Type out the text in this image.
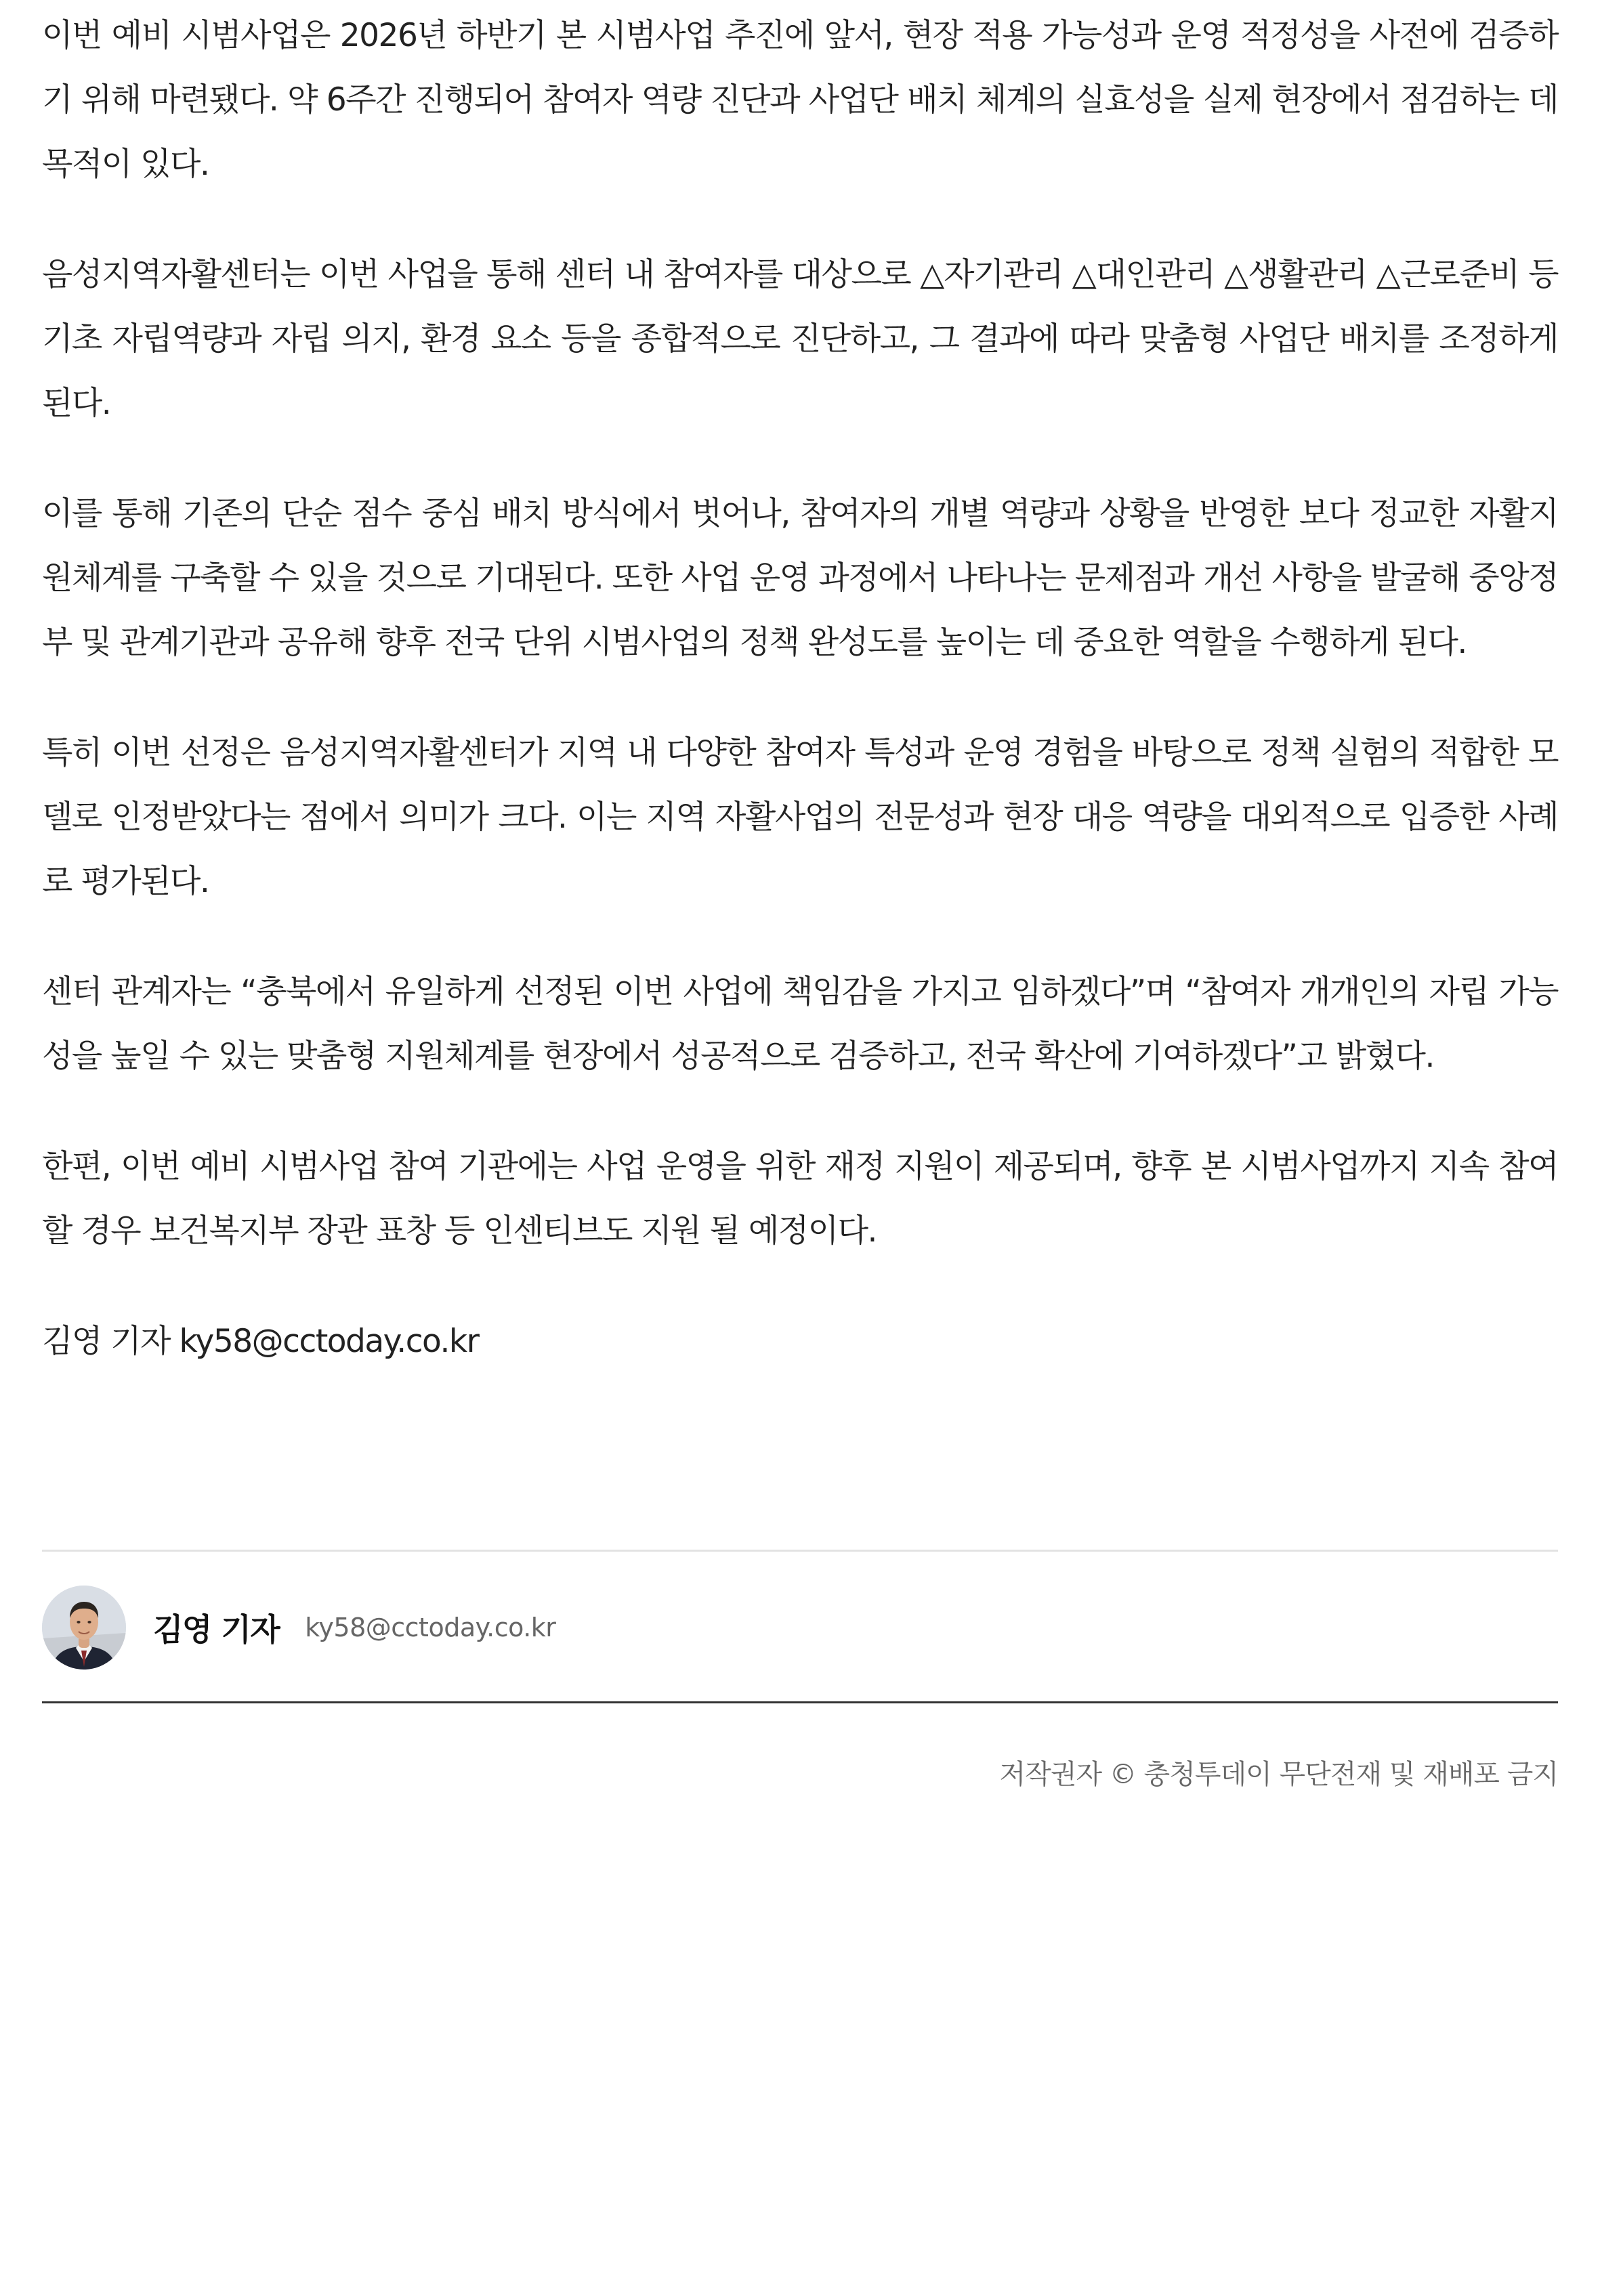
이번 예비 시범사업은 2026년 하반기 본 시범사업 추진에 앞서, 현장 적용 가능성과 운영 적정성을 사전에 검증하기 위해 마련됐다. 약 6주간 진행되어 참여자 역량 진단과 사업단 배치 체계의 실효성을 실제 현장에서 점검하는 데 목적이 있다.

음성지역자활센터는 이번 사업을 통해 센터 내 참여자를 대상으로 △자기관리 △대인관리 △생활관리 △근로준비 등 기초 자립역량과 자립 의지, 환경 요소 등을 종합적으로 진단하고, 그 결과에 따라 맞춤형 사업단 배치를 조정하게 된다.

이를 통해 기존의 단순 점수 중심 배치 방식에서 벗어나, 참여자의 개별 역량과 상황을 반영한 보다 정교한 자활지원체계를 구축할 수 있을 것으로 기대된다. 또한 사업 운영 과정에서 나타나는 문제점과 개선 사항을 발굴해 중앙정부 및 관계기관과 공유해 향후 전국 단위 시범사업의 정책 완성도를 높이는 데 중요한 역할을 수행하게 된다.

특히 이번 선정은 음성지역자활센터가 지역 내 다양한 참여자 특성과 운영 경험을 바탕으로 정책 실험의 적합한 모델로 인정받았다는 점에서 의미가 크다. 이는 지역 자활사업의 전문성과 현장 대응 역량을 대외적으로 입증한 사례로 평가된다.

센터 관계자는 “충북에서 유일하게 선정된 이번 사업에 책임감을 가지고 임하겠다”며 “참여자 개개인의 자립 가능성을 높일 수 있는 맞춤형 지원체계를 현장에서 성공적으로 검증하고, 전국 확산에 기여하겠다”고 밝혔다.

한편, 이번 예비 시범사업 참여 기관에는 사업 운영을 위한 재정 지원이 제공되며, 향후 본 시범사업까지 지속 참여할 경우 보건복지부 장관 표창 등 인센티브도 지원 될 예정이다.

김영 기자 ky58@cctoday.co.kr

김영 기자 ky58@cctoday.co.kr
저작권자 © 충청투데이 무단전재 및 재배포 금지
